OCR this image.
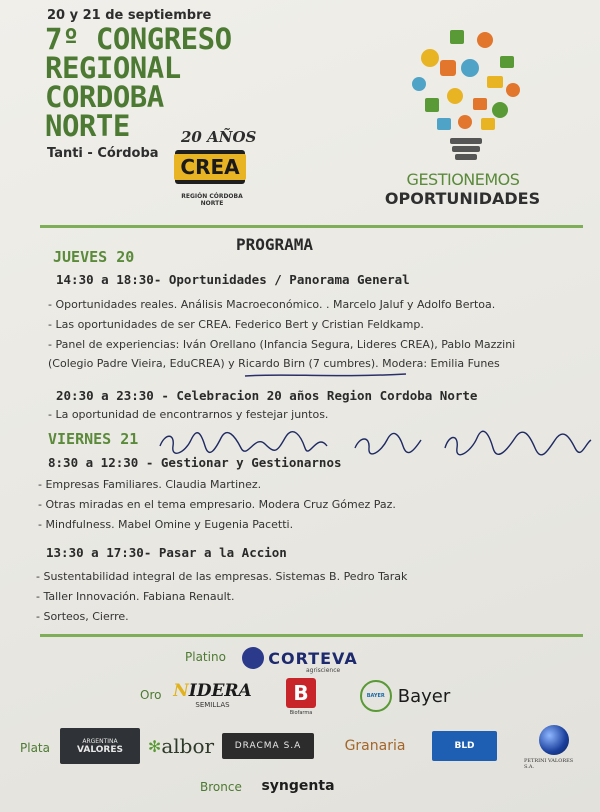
20 y 21 de septiembre
7º CONGRESO
REGIONAL
CORDOBA
NORTE
Tanti - Córdoba
20 AÑOS
CREA
REGIÓN CÓRDOBA NORTE
GESTIONEMOS
OPORTUNIDADES
PROGRAMA
JUEVES 20
14:30 a 18:30- Oportunidades / Panorama General
- Oportunidades reales. Análisis Macroeconómico. . Marcelo Jaluf y Adolfo Bertoa.
- Las oportunidades de ser CREA. Federico Bert y Cristian Feldkamp.
- Panel de experiencias: Iván Orellano (Infancia Segura, Lideres CREA), Pablo Mazzini
(Colegio Padre Vieira, EduCREA) y Ricardo Birn (7 cumbres). Modera: Emilia Funes
20:30 a 23:30 - Celebracion 20 años Region Cordoba Norte
- La oportunidad de encontrarnos y festejar juntos.
VIERNES 21
8:30 a 12:30 - Gestionar y Gestionarnos
- Empresas Familiares. Claudia Martinez.
- Otras miradas en el tema empresario. Modera Cruz Gómez Paz.
- Mindfulness. Mabel Omine y Eugenia Pacetti.
13:30 a 17:30- Pasar a la Accion
- Sustentabilidad integral de las empresas. Sistemas B. Pedro Tarak
- Taller Innovación. Fabiana Renault.
- Sorteos, Cierre.
Platino	CORTEVA
agriscience
Oro NIDERA
SEMILLAS	B
Biofarma
BAYER Bayer
Plata	ARGENTINA
VALORES ✻ albor	DRACMA S.A	Granaria	BLD
PETRINI VALORES S.A.
Bronce syngenta
